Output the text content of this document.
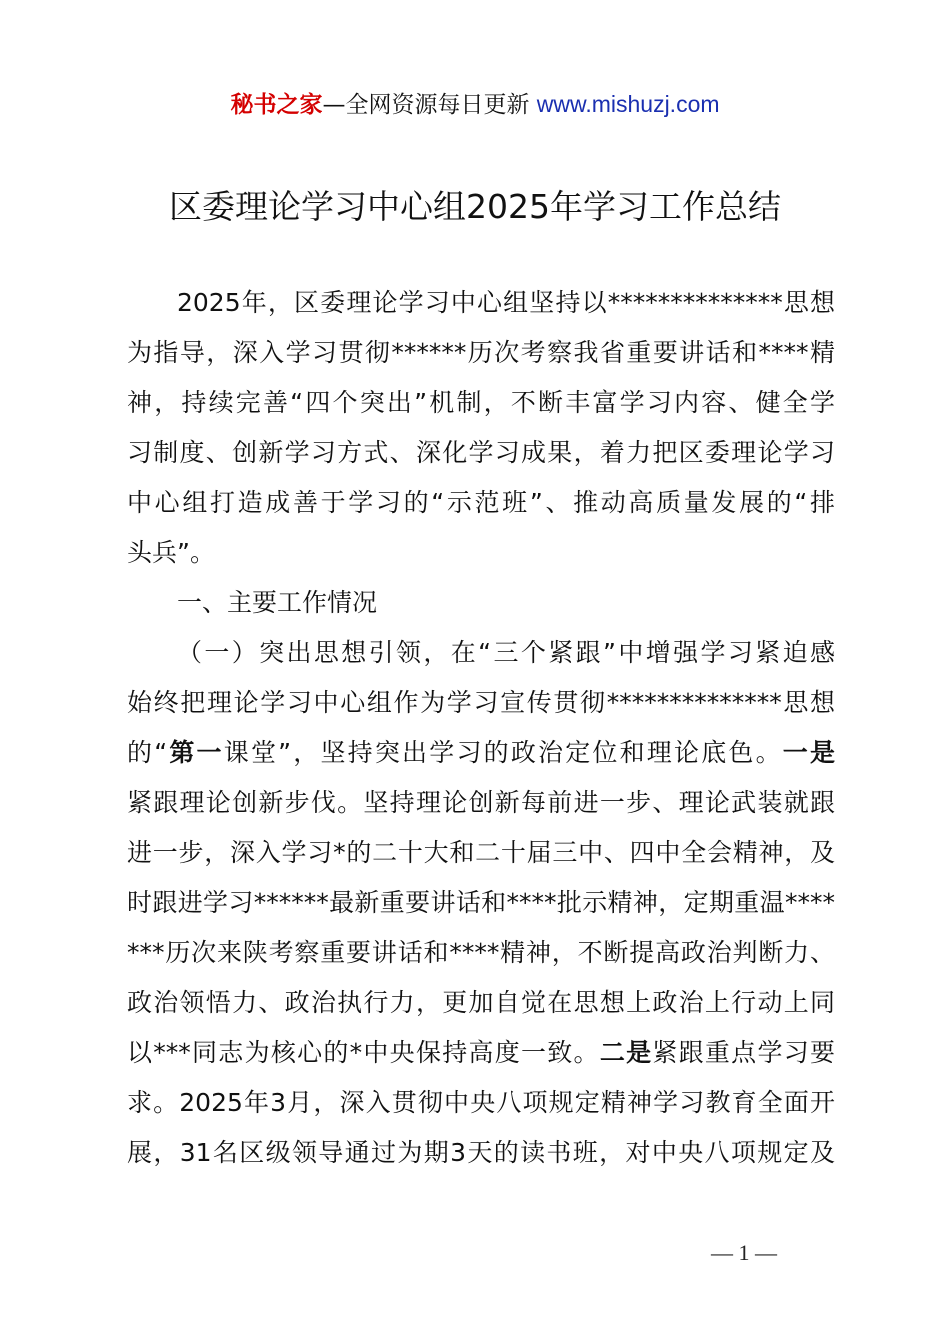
秘书之家—全网资源每日更新 www.mishuzj.com
区委理论学习中心组2025年学习工作总结
2025年，区委理论学习中心组坚持以**************思想
为指导，深入学习贯彻******历次考察我省重要讲话和****精
神，持续完善“四个突出”机制，不断丰富学习内容、健全学
习制度、创新学习方式、深化学习成果，着力把区委理论学习
中心组打造成善于学习的“示范班”、推动高质量发展的“排
头兵”。
一、主要工作情况
（一）突出思想引领，在“三个紧跟”中增强学习紧迫感
始终把理论学习中心组作为学习宣传贯彻**************思想
的“第一课堂”，坚持突出学习的政治定位和理论底色。一是
紧跟理论创新步伐。坚持理论创新每前进一步、理论武装就跟
进一步，深入学习*的二十大和二十届三中、四中全会精神，及
时跟进学习******最新重要讲话和****批示精神，定期重温****
***历次来陕考察重要讲话和****精神，不断提高政治判断力、
政治领悟力、政治执行力，更加自觉在思想上政治上行动上同
以***同志为核心的*中央保持高度一致。二是紧跟重点学习要
求。2025年3月，深入贯彻中央八项规定精神学习教育全面开
展，31名区级领导通过为期3天的读书班，对中央八项规定及
— 1 —
